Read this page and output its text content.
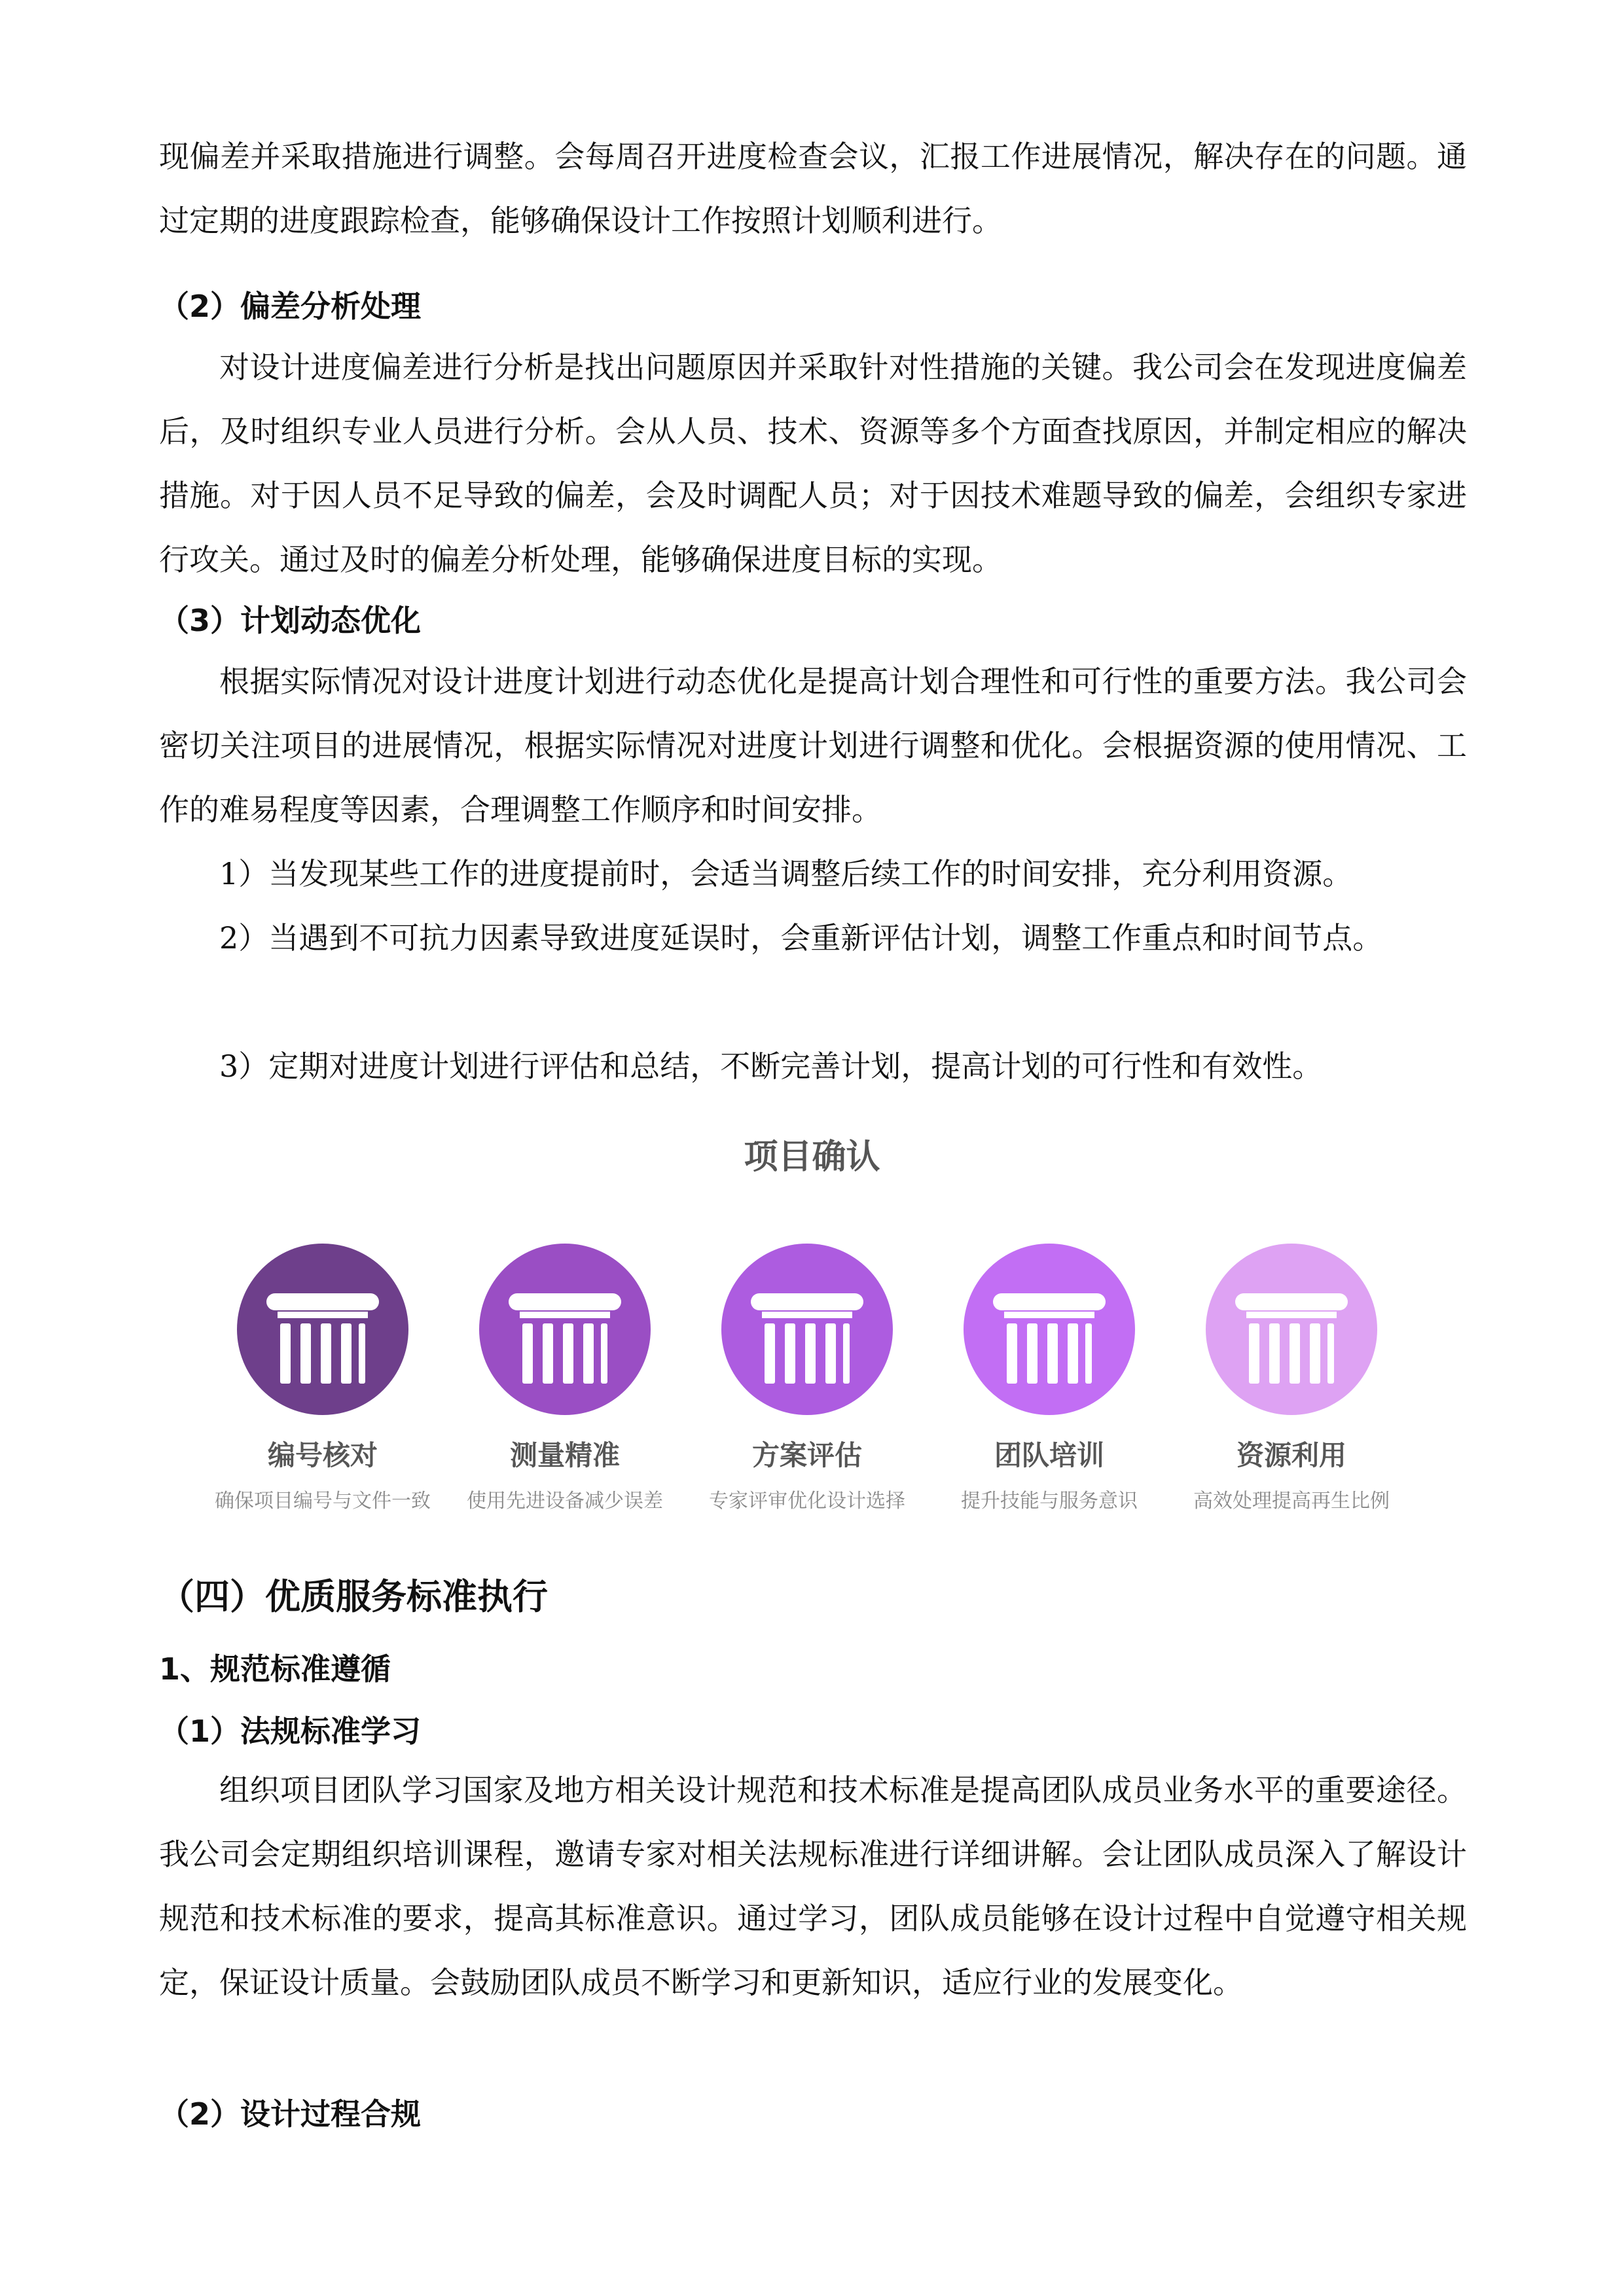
现偏差并采取措施进行调整。会每周召开进度检查会议，汇报工作进展情况，解决存在的问题。通过定期的进度跟踪检查，能够确保设计工作按照计划顺利进行。

（2）偏差分析处理

对设计进度偏差进行分析是找出问题原因并采取针对性措施的关键。我公司会在发现进度偏差后，及时组织专业人员进行分析。会从人员、技术、资源等多个方面查找原因，并制定相应的解决措施。对于因人员不足导致的偏差，会及时调配人员；对于因技术难题导致的偏差，会组织专家进行攻关。通过及时的偏差分析处理，能够确保进度目标的实现。

（3）计划动态优化

根据实际情况对设计进度计划进行动态优化是提高计划合理性和可行性的重要方法。我公司会密切关注项目的进展情况，根据实际情况对进度计划进行调整和优化。会根据资源的使用情况、工作的难易程度等因素，合理调整工作顺序和时间安排。

1）当发现某些工作的进度提前时，会适当调整后续工作的时间安排，充分利用资源。

2）当遇到不可抗力因素导致进度延误时，会重新评估计划，调整工作重点和时间节点。

3）定期对进度计划进行评估和总结，不断完善计划，提高计划的可行性和有效性。

项目确认
编号核对
确保项目编号与文件一致
测量精准
使用先进设备减少误差
方案评估
专家评审优化设计选择
团队培训
提升技能与服务意识
资源利用
高效处理提高再生比例
（四）优质服务标准执行
1、规范标准遵循
（1）法规标准学习

组织项目团队学习国家及地方相关设计规范和技术标准是提高团队成员业务水平的重要途径。我公司会定期组织培训课程，邀请专家对相关法规标准进行详细讲解。会让团队成员深入了解设计规范和技术标准的要求，提高其标准意识。通过学习，团队成员能够在设计过程中自觉遵守相关规定，保证设计质量。会鼓励团队成员不断学习和更新知识，适应行业的发展变化。

（2）设计过程合规
